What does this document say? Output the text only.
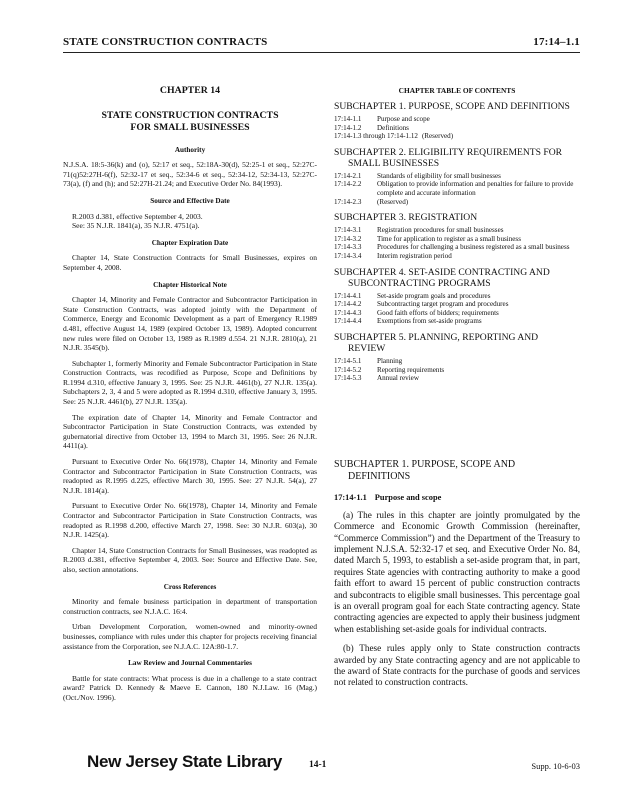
STATE CONSTRUCTION CONTRACTS	17:14–1.1
CHAPTER 14
STATE CONSTRUCTION CONTRACTS
FOR SMALL BUSINESSES
Authority

N.J.S.A. 18:5-36(k) and (o), 52:17 et seq., 52:18A-30(d), 52:25-1 et seq., 52:27C-71(q)52:27H-6(f), 52:32-17 et seq., 52:34-6 et seq., 52:34-12, 52:34-13, 52:27C-73(a), (f) and (h); and 52:27H-21.24; and Executive Order No. 84(1993).

Source and Effective Date

R.2003 d.381, effective September 4, 2003.

See: 35 N.J.R. 1841(a), 35 N.J.R. 4751(a).

Chapter Expiration Date

Chapter 14, State Construction Contracts for Small Businesses, expires on September 4, 2008.

Chapter Historical Note

Chapter 14, Minority and Female Contractor and Subcontractor Participation in State Construction Contracts, was adopted jointly with the Department of Commerce, Energy and Economic Development as a part of Emergency R.1989 d.481, effective August 14, 1989 (expired October 13, 1989). Adopted concurrent new rules were filed on October 13, 1989 as R.1989 d.554. 21 N.J.R. 2810(a), 21 N.J.R. 3545(b).

Subchapter 1, formerly Minority and Female Subcontractor Participation in State Construction Contracts, was recodified as Purpose, Scope and Definitions by R.1994 d.310, effective January 3, 1995. See: 25 N.J.R. 4461(b), 27 N.J.R. 135(a). Subchapters 2, 3, 4 and 5 were adopted as R.1994 d.310, effective January 3, 1995. See: 25 N.J.R. 4461(b), 27 N.J.R. 135(a).

The expiration date of Chapter 14, Minority and Female Contractor and Subcontractor Participation in State Construction Contracts, was extended by gubernatorial directive from October 13, 1994 to March 31, 1995. See: 26 N.J.R. 4411(a).

Pursuant to Executive Order No. 66(1978), Chapter 14, Minority and Female Contractor and Subcontractor Participation in State Construction Contracts, was readopted as R.1995 d.225, effective March 30, 1995. See: 27 N.J.R. 54(a), 27 N.J.R. 1814(a).

Pursuant to Executive Order No. 66(1978), Chapter 14, Minority and Female Contractor and Subcontractor Participation in State Construction Contracts, was readopted as R.1998 d.200, effective March 27, 1998. See: 30 N.J.R. 603(a), 30 N.J.R. 1425(a).

Chapter 14, State Construction Contracts for Small Businesses, was readopted as R.2003 d.381, effective September 4, 2003. See: Source and Effective Date. See, also, section annotations.

Cross References

Minority and female business participation in department of transportation construction contracts, see N.J.A.C. 16:4.

Urban Development Corporation, women-owned and minority-owned businesses, compliance with rules under this chapter for projects receiving financial assistance from the Corporation, see N.J.A.C. 12A:80-1.7.

Law Review and Journal Commentaries

Battle for state contracts: What process is due in a challenge to a state contract award? Patrick D. Kennedy & Maeve E. Cannon, 180 N.J.Law. 16 (Mag.) (Oct./Nov. 1996).

CHAPTER TABLE OF CONTENTS
SUBCHAPTER 1. PURPOSE, SCOPE AND DEFINITIONS
17:14-1.1	Purpose and scope
17:14-1.2	Definitions
17:14-1.3 through 17:14-1.12 (Reserved)
SUBCHAPTER 2. ELIGIBILITY REQUIREMENTS FOR
SMALL BUSINESSES
17:14-2.1	Standards of eligibility for small businesses
17:14-2.2	Obligation to provide information and penalties for failure to provide complete and accurate information
17:14-2.3	(Reserved)
SUBCHAPTER 3. REGISTRATION
17:14-3.1	Registration procedures for small businesses
17:14-3.2	Time for application to register as a small business
17:14-3.3	Procedures for challenging a business registered as a small business
17:14-3.4	Interim registration period
SUBCHAPTER 4. SET-ASIDE CONTRACTING AND
SUBCONTRACTING PROGRAMS
17:14-4.1	Set-aside program goals and procedures
17:14-4.2	Subcontracting target program and procedures
17:14-4.3	Good faith efforts of bidders; requirements
17:14-4.4	Exemptions from set-aside programs
SUBCHAPTER 5. PLANNING, REPORTING AND
REVIEW
17:14-5.1	Planning
17:14-5.2	Reporting requirements
17:14-5.3	Annual review
SUBCHAPTER 1. PURPOSE, SCOPE AND
DEFINITIONS
17:14-1.1 Purpose and scope

(a) The rules in this chapter are jointly promulgated by the Commerce and Economic Growth Commission (hereinafter, “Commerce Commission”) and the Department of the Treasury to implement N.J.S.A. 52:32-17 et seq. and Executive Order No. 84, dated March 5, 1993, to establish a set-aside program that, in part, requires State agencies with contracting authority to make a good faith effort to award 15 percent of public construction contracts and subcontracts to eligible small businesses. This percentage goal is an overall program goal for each State contracting agency. State contracting agencies are expected to apply their business judgment when establishing set-aside goals for individual contracts.

(b) These rules apply only to State construction contracts awarded by any State contracting agency and are not applicable to the award of State contracts for the purchase of goods and services not related to construction contracts.

New Jersey State Library	14-1	Supp. 10-6-03
